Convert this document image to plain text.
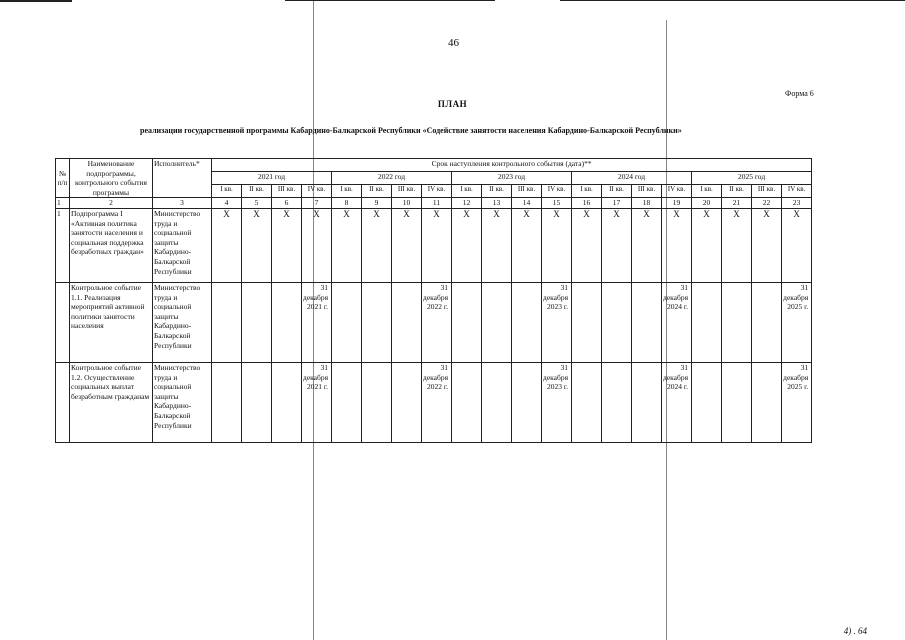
46
Форма 6
ПЛАН
реализации государственной программы Кабардино-Балкарской Республики «Содействие занятости населения Кабардино-Балкарской Республики»
№ п/п	Наименование подпрограммы, контрольного события программы	Исполнитель*	Срок наступления контрольного события (дата)**																			
			2021 год				2022 год				2023 год				2024 год				2025 год			
			I кв.	II кв.	III кв.	IV кв.	I кв.	II кв.	III кв.	IV кв.	I кв.	II кв.	III кв.	IV кв.	I кв.	II кв.	III кв.	IV кв.	I кв.	II кв.	III кв.	IV кв.
1	2	3	4	5	6	7	8	9	10	11	12	13	14	15	16	17	18	19	20	21	22	23
1	Подпрограмма I «Активная политика занятости населения и социальная поддержка безработных граждан»	Министерство труда и социальной защиты Кабардино-Балкарской Республики	X	X	X	X	X	X	X	X	X	X	X	X	X	X	X	X	X	X	X	X
	Контрольное событие 1.1. Реализация мероприятий активной политики занятости населения	Министерство труда и социальной защиты Кабардино-Балкарской Республики				31 декабря 2021 г.				31 декабря 2022 г.				31 декабря 2023 г.				31 декабря 2024 г.				31 декабря 2025 г.
	Контрольное событие 1.2. Осуществление социальных выплат безработным гражданам	Министерство труда и социальной защиты Кабардино-Балкарской Республики				31 декабря 2021 г.				31 декабря 2022 г.				31 декабря 2023 г.				31 декабря 2024 г.				31 декабря 2025 г.
4) . 64
